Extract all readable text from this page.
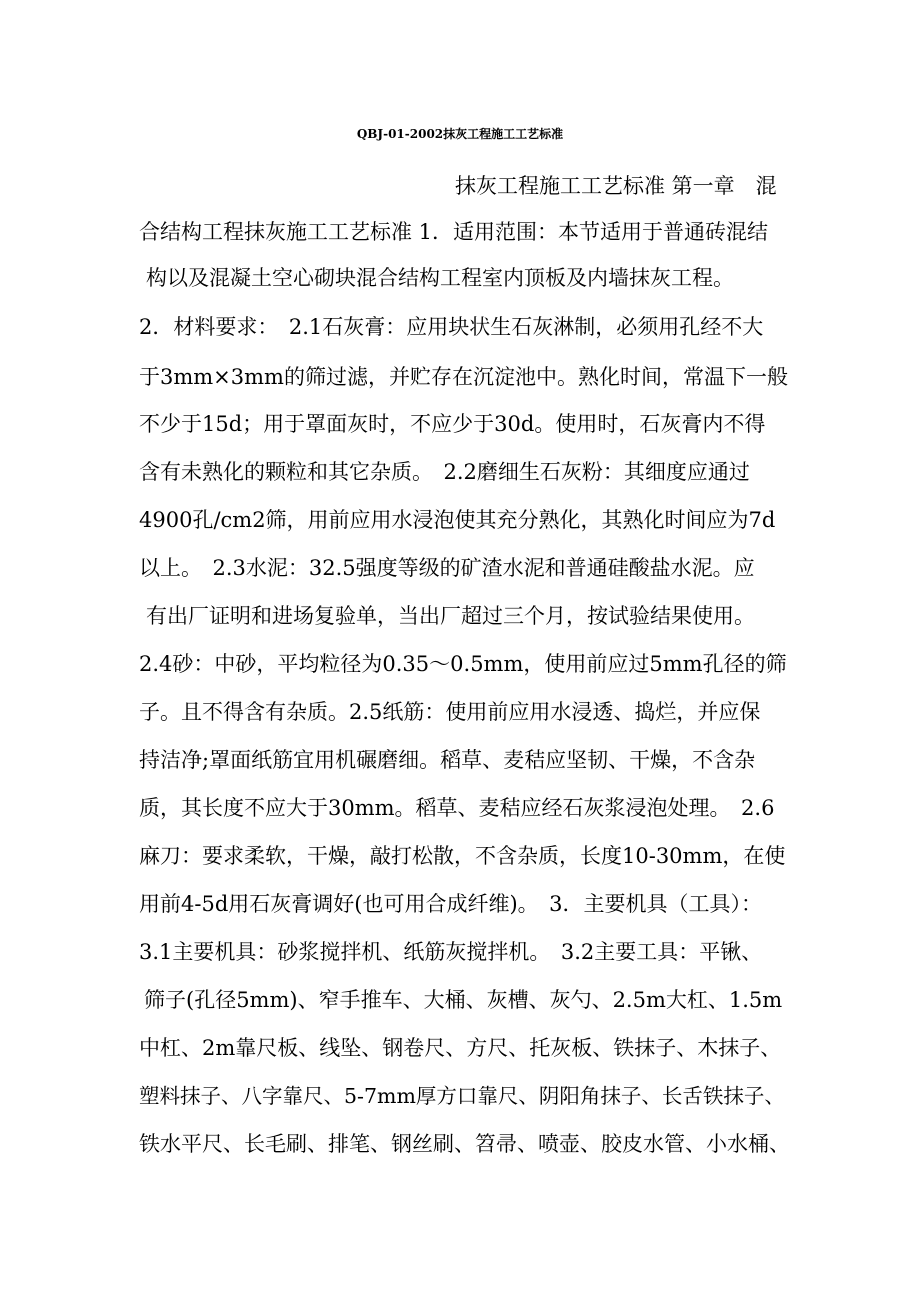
QBJ-01-2002抹灰工程施工工艺标准
抹灰工程施工工艺标准 第一章　混
合结构工程抹灰施工工艺标准 1．适用范围：本节适用于普通砖混结
构以及混凝土空心砌块混合结构工程室内顶板及内墙抹灰工程。
2．材料要求：　2.1石灰膏：应用块状生石灰淋制，必须用孔经不大
于3mm×3mm的筛过滤，并贮存在沉淀池中。熟化时间，常温下一般
不少于15d；用于罩面灰时，不应少于30d。使用时，石灰膏内不得
含有未熟化的颗粒和其它杂质。　2.2磨细生石灰粉：其细度应通过
4900孔/cm2筛，用前应用水浸泡使其充分熟化，其熟化时间应为7d
以上。　2.3水泥：32.5强度等级的矿渣水泥和普通硅酸盐水泥。应
有出厂证明和进场复验单，当出厂超过三个月，按试验结果使用。
2.4砂：中砂，平均粒径为0.35～0.5mm，使用前应过5mm孔径的筛
子。且不得含有杂质。2.5纸筋：使用前应用水浸透、捣烂，并应保
持洁净;罩面纸筋宜用机碾磨细。稻草、麦秸应坚韧、干燥，不含杂
质，其长度不应大于30mm。稻草、麦秸应经石灰浆浸泡处理。　2.6
麻刀：要求柔软，干燥，敲打松散，不含杂质，长度10-30mm，在使
用前4-5d用石灰膏调好(也可用合成纤维)。　3．主要机具（工具）：
3.1主要机具：砂浆搅拌机、纸筋灰搅拌机。　3.2主要工具：平锹、
筛子(孔径5mm)、窄手推车、大桶、灰槽、灰勺、2.5m大杠、1.5m
中杠、2m靠尺板、线坠、钢卷尺、方尺、托灰板、铁抹子、木抹子、
塑料抹子、八字靠尺、5-7mm厚方口靠尺、阴阳角抹子、长舌铁抹子、
铁水平尺、长毛刷、排笔、钢丝刷、笤帚、喷壶、胶皮水管、小水桶、
